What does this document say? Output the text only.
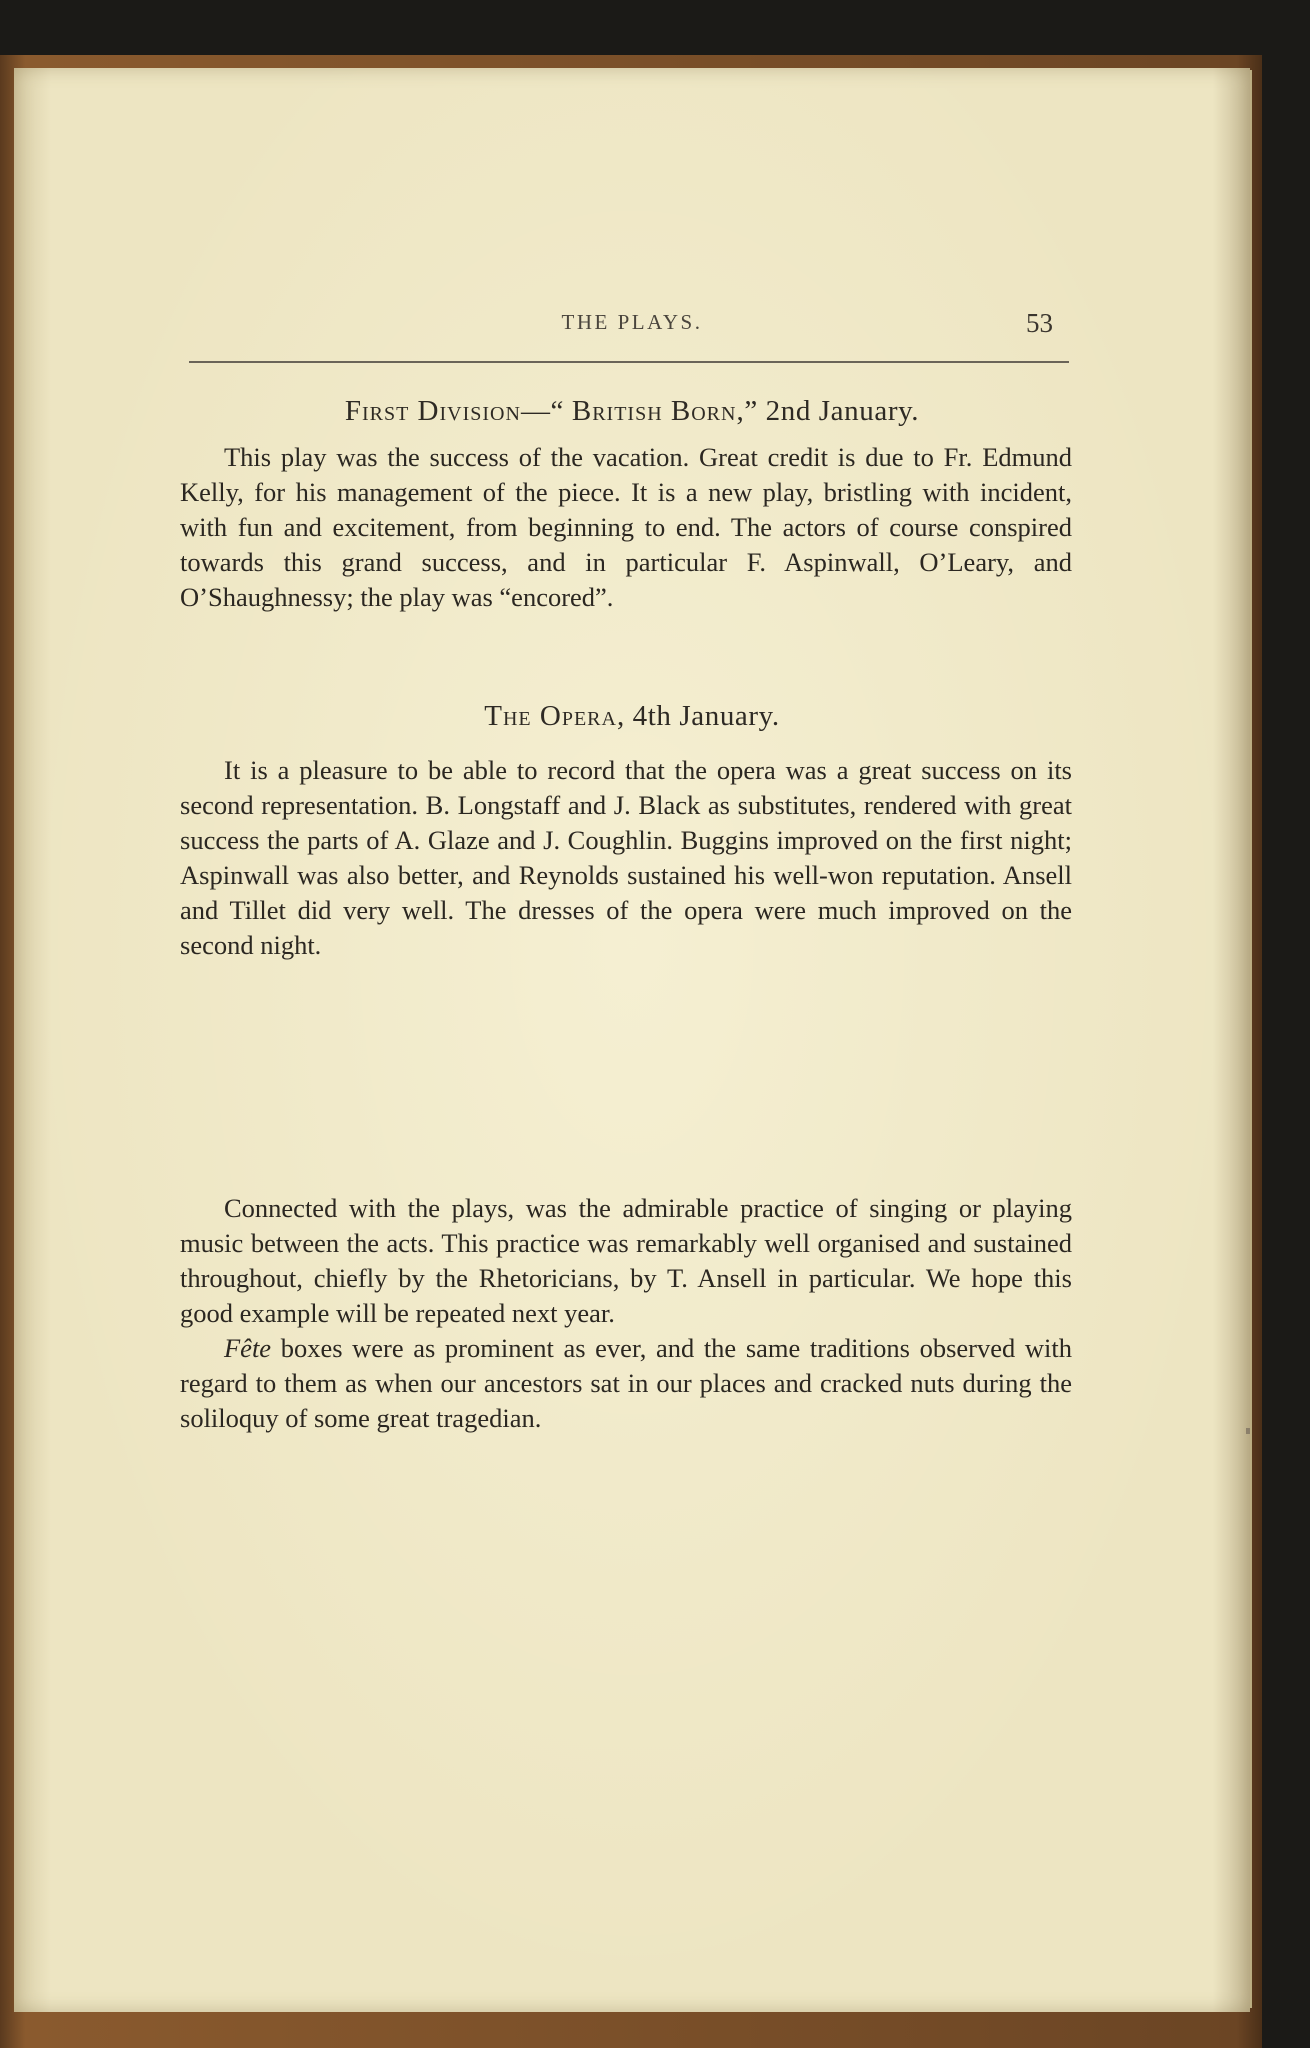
THE PLAYS.	53
First Division—“ British Born,” 2nd January.

This play was the success of the vacation. Great credit is due to Fr. Edmund Kelly, for his management of the piece. It is a new play, bristling with incident, with fun and excitement, from beginning to end. The actors of course conspired towards this grand success, and in particular F. Aspinwall, O’Leary, and O’Shaughnessy; the play was “encored”.

The Opera, 4th January.

It is a pleasure to be able to record that the opera was a great success on its second representation. B. Longstaff and J. Black as substitutes, rendered with great success the parts of A. Glaze and J. Coughlin. Buggins improved on the first night; Aspinwall was also better, and Reynolds sustained his well-won reputation. Ansell and Tillet did very well. The dresses of the opera were much improved on the second night.

Connected with the plays, was the admirable practice of singing or playing music between the acts. This practice was remarkably well organised and sustained throughout, chiefly by the Rhetoricians, by T. Ansell in particular. We hope this good example will be repeated next year.

Fête boxes were as prominent as ever, and the same traditions observed with regard to them as when our ancestors sat in our places and cracked nuts during the soliloquy of some great tragedian.
